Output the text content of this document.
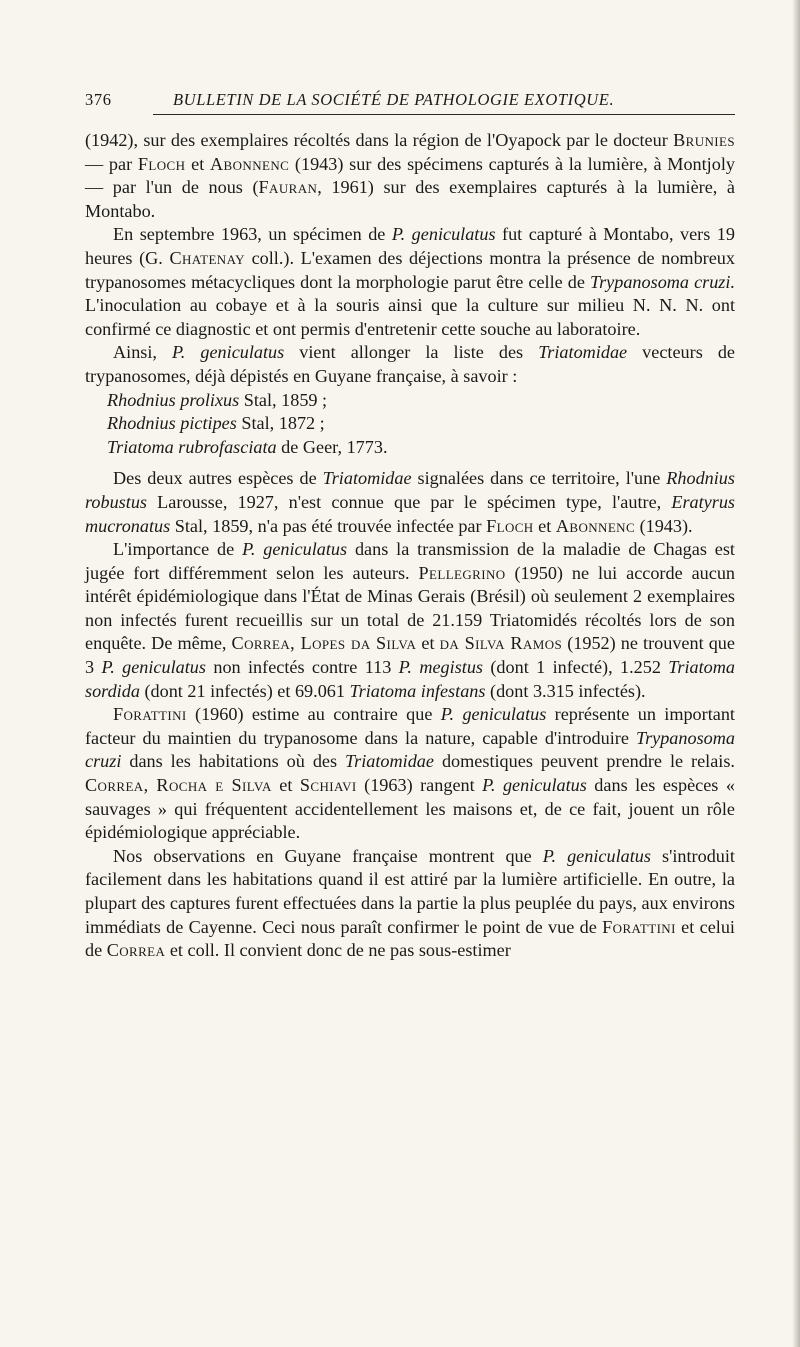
376	BULLETIN DE LA SOCIÉTÉ DE PATHOLOGIE EXOTIQUE.

(1942), sur des exemplaires récoltés dans la région de l'Oyapock par le docteur Brunies — par Floch et Abonnenc (1943) sur des spécimens capturés à la lumière, à Montjoly — par l'un de nous (Fauran, 1961) sur des exemplaires capturés à la lumière, à Montabo.

En septembre 1963, un spécimen de P. geniculatus fut capturé à Montabo, vers 19 heures (G. Chatenay coll.). L'examen des déjections montra la présence de nombreux trypanosomes métacycliques dont la morphologie parut être celle de Trypanosoma cruzi. L'inoculation au cobaye et à la souris ainsi que la culture sur milieu N. N. N. ont confirmé ce diagnostic et ont permis d'entretenir cette souche au laboratoire.

Ainsi, P. geniculatus vient allonger la liste des Triatomidae vecteurs de trypanosomes, déjà dépistés en Guyane française, à savoir :

Rhodnius prolixus Stal, 1859 ;
Rhodnius pictipes Stal, 1872 ;
Triatoma rubrofasciata de Geer, 1773.

Des deux autres espèces de Triatomidae signalées dans ce territoire, l'une Rhodnius robustus Larousse, 1927, n'est connue que par le spécimen type, l'autre, Eratyrus mucronatus Stal, 1859, n'a pas été trouvée infectée par Floch et Abonnenc (1943).

L'importance de P. geniculatus dans la transmission de la maladie de Chagas est jugée fort différemment selon les auteurs. Pellegrino (1950) ne lui accorde aucun intérêt épidémiologique dans l'État de Minas Gerais (Brésil) où seulement 2 exemplaires non infectés furent recueillis sur un total de 21.159 Triatomidés récoltés lors de son enquête. De même, Correa, Lopes da Silva et da Silva Ramos (1952) ne trouvent que 3 P. geniculatus non infectés contre 113 P. megistus (dont 1 infecté), 1.252 Triatoma sordida (dont 21 infectés) et 69.061 Triatoma infestans (dont 3.315 infectés).

Forattini (1960) estime au contraire que P. geniculatus représente un important facteur du maintien du trypanosome dans la nature, capable d'introduire Trypanosoma cruzi dans les habitations où des Triatomidae domestiques peuvent prendre le relais. Correa, Rocha e Silva et Schiavi (1963) rangent P. geniculatus dans les espèces « sauvages » qui fréquentent accidentellement les maisons et, de ce fait, jouent un rôle épidémiologique appréciable.

Nos observations en Guyane française montrent que P. geniculatus s'introduit facilement dans les habitations quand il est attiré par la lumière artificielle. En outre, la plupart des captures furent effectuées dans la partie la plus peuplée du pays, aux environs immédiats de Cayenne. Ceci nous paraît confirmer le point de vue de Forattini et celui de Correa et coll. Il convient donc de ne pas sous-estimer
